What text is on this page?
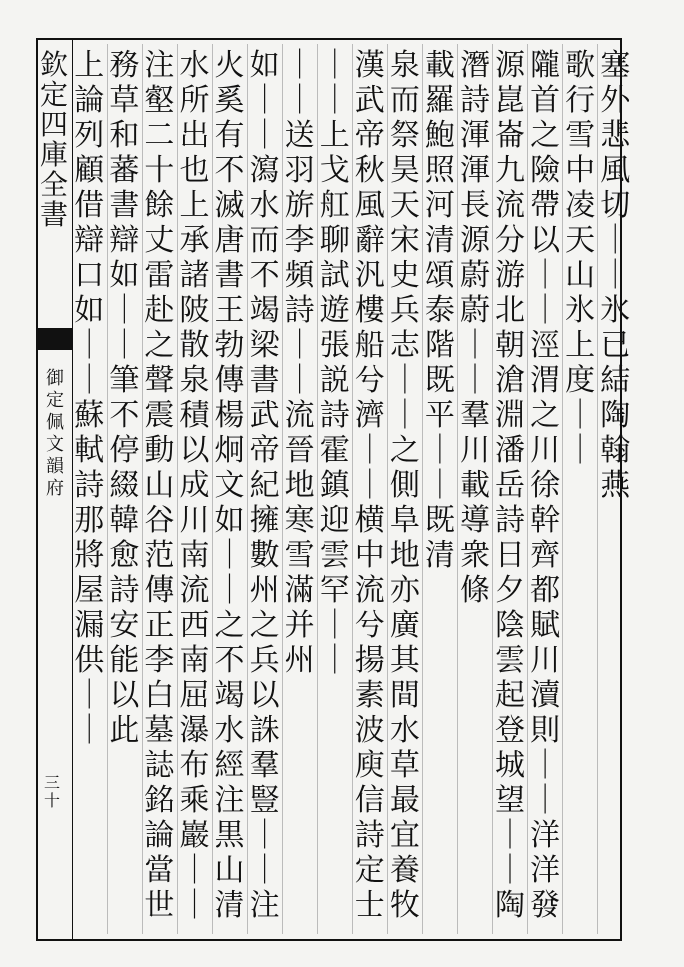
欽定四庫全書
御定佩文韻府
三十
塞外悲風切｜｜氷已結陶翰燕
歌行雪中凌天山氷上度｜｜
隴首之險帶以｜｜涇渭之川徐幹齊都賦川瀆則｜｜洋洋發
源崑崙九流分游北朝滄淵潘岳詩日夕陰雲起登城望｜｜陶
潛詩渾渾長源蔚蔚｜｜羣川載導衆條
載羅鮑照河清頌泰階既平｜｜既清
泉而祭昊天宋史兵志｜｜之側阜地亦廣其間水草最宜養牧
漢武帝秋風辭汎樓船兮濟｜｜横中流兮揚素波庾信詩定士
｜｜上戈舡聊試遊張説詩霍鎮迎雲罕｜｜
｜｜送羽旂李頻詩｜｜流晉地寒雪滿并州
如｜｜瀉水而不竭梁書武帝紀擁數州之兵以誅羣豎｜｜注
火奚有不滅唐書王勃傳楊炯文如｜｜之不竭水經注黒山清
水所出也上承諸陂散泉積以成川南流西南屈瀑布乘巖｜｜
注壑二十餘丈雷赴之聲震動山谷范傳正李白墓誌銘論當世
務草和蕃書辯如｜｜筆不停綴韓愈詩安能以此
上論列顧借辯口如｜｜蘇軾詩那將屋漏供｜｜
